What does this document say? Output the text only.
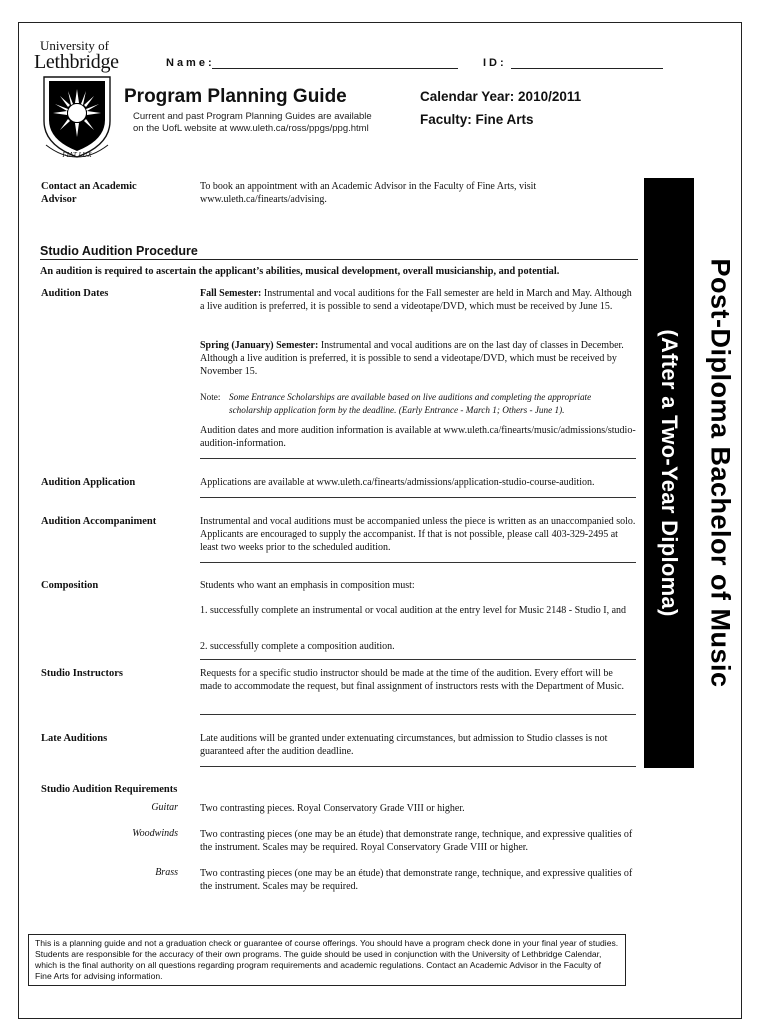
University of
Lethbridge
FIAT LUX
Name:	ID:
Program Planning Guide
Current and past Program Planning Guides are available on the UofL website at www.uleth.ca/ross/ppgs/ppg.html
Calendar Year: 2010/2011
Faculty: Fine Arts
Post-Diploma Bachelor of Music
(After a Two-Year Diploma)
Contact an Academic Advisor
To book an appointment with an Academic Advisor in the Faculty of Fine Arts, visit www.uleth.ca/finearts/advising.
Studio Audition Procedure
An audition is required to ascertain the applicant’s abilities, musical development, overall musicianship, and potential.
Audition Dates	Fall Semester: Instrumental and vocal auditions for the Fall semester are held in March and May. Although a live audition is preferred, it is possible to send a videotape/DVD, which must be received by June 15.
Spring (January) Semester: Instrumental and vocal auditions are on the last day of classes in December. Although a live audition is preferred, it is possible to send a videotape/DVD, which must be received by November 15.
Note: Some Entrance Scholarships are available based on live auditions and completing the appropriate scholarship application form by the deadline. (Early Entrance - March 1; Others - June 1).
Audition dates and more audition information is available at www.uleth.ca/finearts/music/admissions/studio-audition-information.
Audition Application	Applications are available at www.uleth.ca/finearts/admissions/application-studio-course-audition.
Audition Accompaniment	Instrumental and vocal auditions must be accompanied unless the piece is written as an unaccompanied solo. Applicants are encouraged to supply the accompanist. If that is not possible, please call 403-329-2495 at least two weeks prior to the scheduled audition.
Composition	Students who want an emphasis in composition must:
1. successfully complete an instrumental or vocal audition at the entry level for Music 2148 - Studio I, and
2. successfully complete a composition audition.
Studio Instructors	Requests for a specific studio instructor should be made at the time of the audition. Every effort will be made to accommodate the request, but final assignment of instructors rests with the Department of Music.
Late Auditions	Late auditions will be granted under extenuating circumstances, but admission to Studio classes is not guaranteed after the audition deadline.
Studio Audition Requirements
Guitar Two contrasting pieces. Royal Conservatory Grade VIII or higher.
Woodwinds Two contrasting pieces (one may be an étude) that demonstrate range, technique, and expressive qualities of the instrument. Scales may be required. Royal Conservatory Grade VIII or higher.
Brass Two contrasting pieces (one may be an étude) that demonstrate range, technique, and expressive qualities of the instrument. Scales may be required.
This is a planning guide and not a graduation check or guarantee of course offerings. You should have a program check done in your final year of studies. Students are responsible for the accuracy of their own programs. The guide should be used in conjunction with the University of Lethbridge Calendar, which is the final authority on all questions regarding program requirements and academic regulations. Contact an Academic Advisor in the Faculty of Fine Arts for advising information.
